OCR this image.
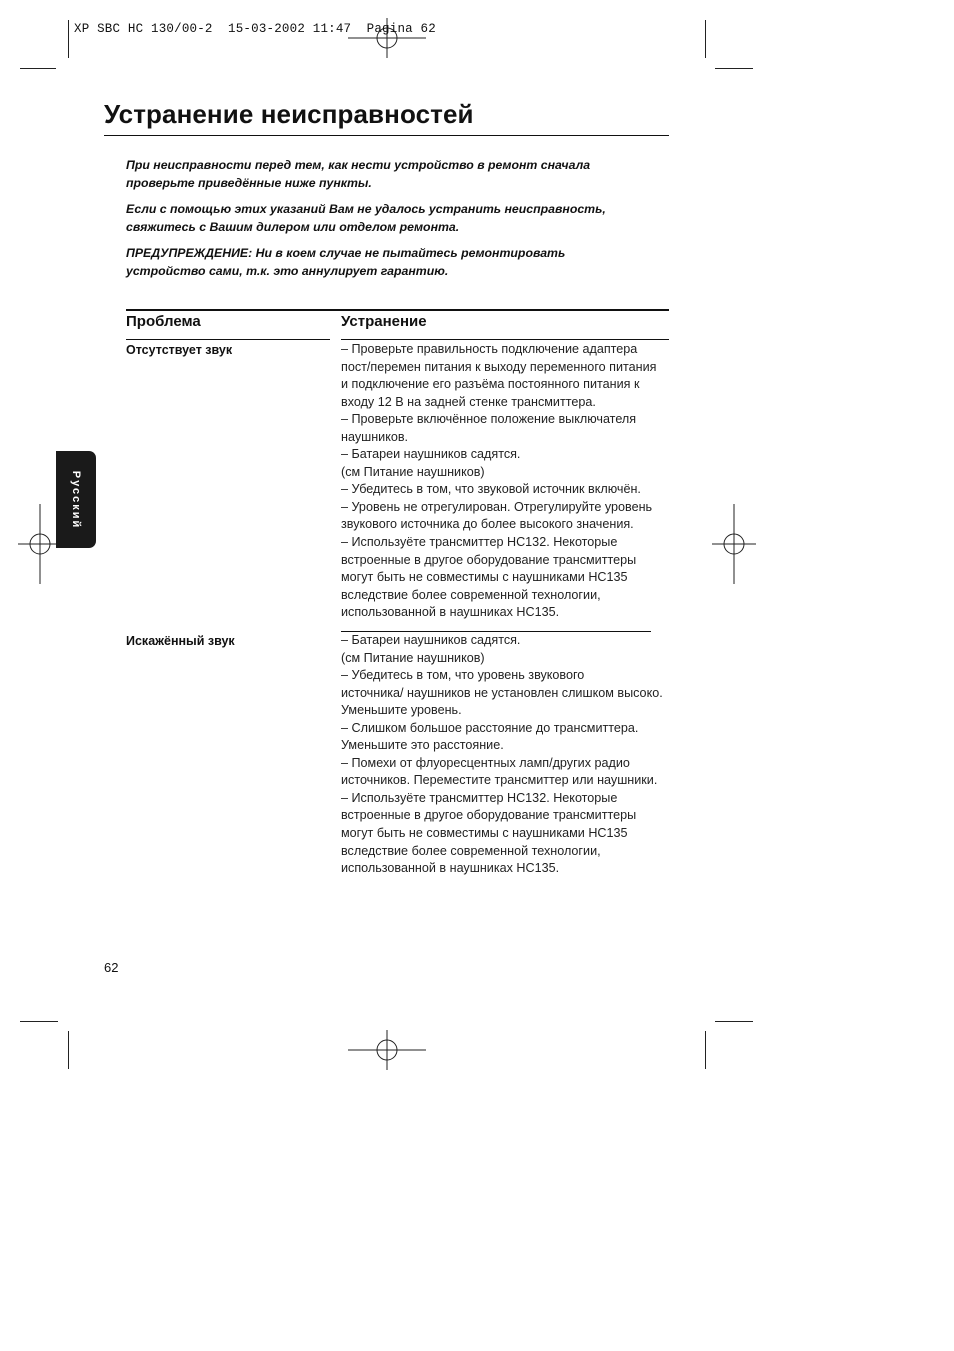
XP SBC HC 130/00-2  15-03-2002 11:47  Pagina 62
Устранение неисправностей
При неисправности перед тем, как нести устройство в ремонт сначала
проверьте приведённые ниже пункты.
Если с помощью этих указаний Вам не удалось устранить неисправность,
свяжитесь с Вашим дилером или отделом ремонта.
ПРЕДУПРЕЖДЕНИЕ: Ни в коем случае не пытайтесь ремонтировать
устройство сами, т.к. это аннулирует гарантию.
Проблема	Устранение
Отсутствует звук	– Проверьте правильность подключение адаптера
пост/перемен питания к выходу переменного питания
и подключение его разъёма постоянного питания к
входу 12 В на задней стенке трансмиттера.
– Проверьте включённое положение выключателя
наушников.
– Батареи наушников садятся.
(см Питание наушников)
– Убедитесь в том, что звуковой источник включён.
– Уровень не отрегулирован. Отрегулируйте уровень
звукового источника до более высокого значения.
– Используёте трансмиттер HC132. Некоторые
встроенные в другое оборудование трансмиттеры
могут быть не совместимы с наушниками HC135
вследствие более современной технологии,
использованной в наушниках HC135.
Искажённый звук	– Батареи наушников садятся.
(см Питание наушников)
– Убедитесь в том, что уровень звукового
источника/ наушников не установлен слишком высоко.
Уменьшите уровень.
– Слишком большое расстояние до трансмиттера.
Уменьшите это расстояние.
– Помехи от флуоресцентных ламп/других радио
источников. Переместите трансмиттер или наушники.
– Используёте трансмиттер HC132. Некоторые
встроенные в другое оборудование трансмиттеры
могут быть не совместимы с наушниками HC135
вследствие более современной технологии,
использованной в наушниках HC135.
Русский
62
